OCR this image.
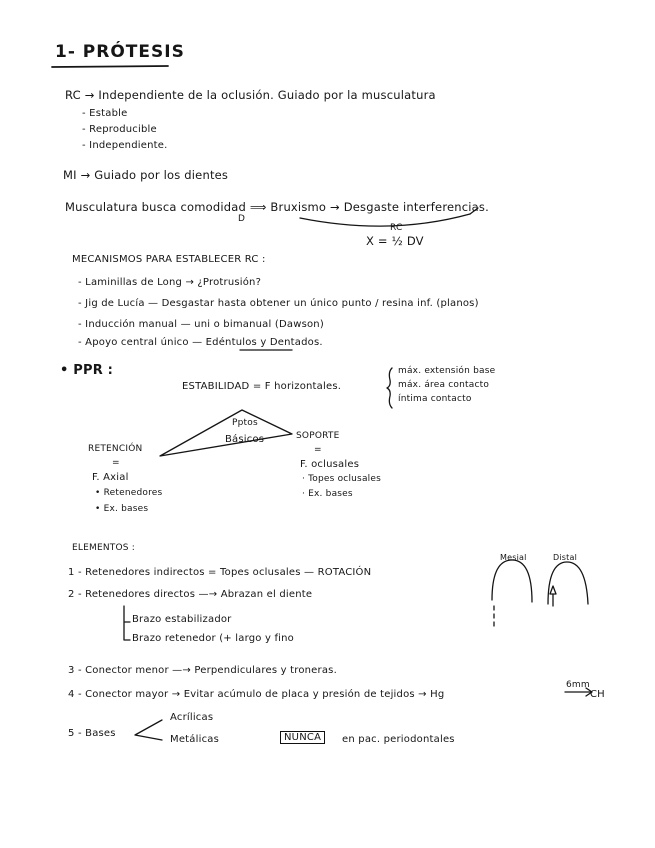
1- PRÓTESIS
RC → Independiente de la oclusión. Guiado por la musculatura
- Estable
- Reproducible
- Independiente.
MI → Guiado por los dientes
Musculatura busca comodidad ⟹ Bruxismo → Desgaste interferencias.
D
RC
X = ½ DV
MECANISMOS PARA ESTABLECER RC :
- Laminillas de Long → ¿Protrusión?
- Jig de Lucía — Desgastar hasta obtener un único punto / resina inf. (planos)
- Inducción manual — uni o bimanual (Dawson)
- Apoyo central único — Edéntulos y Dentados.
• PPR :
ESTABILIDAD = F horizontales.
máx. extensión base
máx. área contacto
íntima contacto
Pptos
Básicos
RETENCIÓN
=
F. Axial
• Retenedores
• Ex. bases
SOPORTE
=
F. oclusales
· Topes oclusales
· Ex. bases
ELEMENTOS :
1 - Retenedores indirectos = Topes oclusales — ROTACIÓN
2 - Retenedores directos —→ Abrazan el diente
Brazo estabilizador
Brazo retenedor (+ largo y fino
3 - Conector menor —→ Perpendiculares y troneras.
4 - Conector mayor → Evitar acúmulo de placa y presión de tejidos → Hg
6mm
CH
5 - Bases
Acrílicas
Metálicas	NUNCA	en pac. periodontales
Mesial	Distal
